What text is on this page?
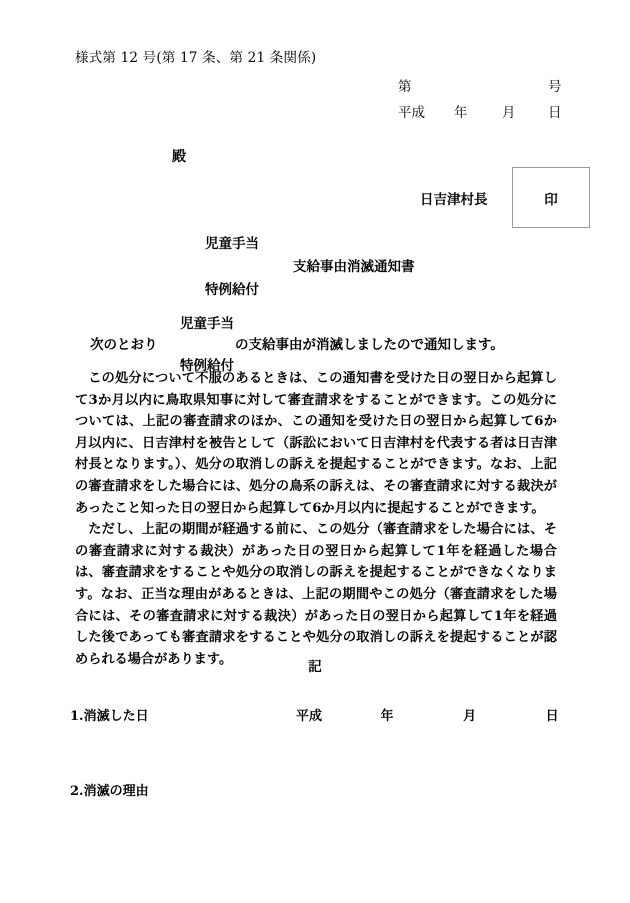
様式第 12 号(第 17 条、第 21 条関係)
第	号
平成	年	月	日
殿
日吉津村長	印
児童手当
支給事由消滅通知書
特例給付
児童手当
次のとおり	の支給事由が消滅しましたので通知します。
特例給付

この処分について不服のあるときは、この通知書を受けた日の翌日から起算して3か月以内に鳥取県知事に対して審査請求をすることができます。この処分については、上記の審査請求のほか、この通知を受けた日の翌日から起算して6か月以内に、日吉津村を被告として（訴訟において日吉津村を代表する者は日吉津村長となります。）、処分の取消しの訴えを提起することができます。なお、上記の審査請求をした場合には、処分の鳥系の訴えは、その審査請求に対する裁決があったこと知った日の翌日から起算して6か月以内に提起することができます。

ただし、上記の期間が経過する前に、この処分（審査請求をした場合には、その審査請求に対する裁決）があった日の翌日から起算して1年を経過した場合は、審査請求をすることや処分の取消しの訴えを提起することができなくなります。なお、正当な理由があるときは、上記の期間やこの処分（審査請求をした場合には、その審査請求に対する裁決）があった日の翌日から起算して1年を経過した後であっても審査請求をすることや処分の取消しの訴えを提起することが認められる場合があります。	記
1.消滅した日	平成	年	月	日
2.消滅の理由
